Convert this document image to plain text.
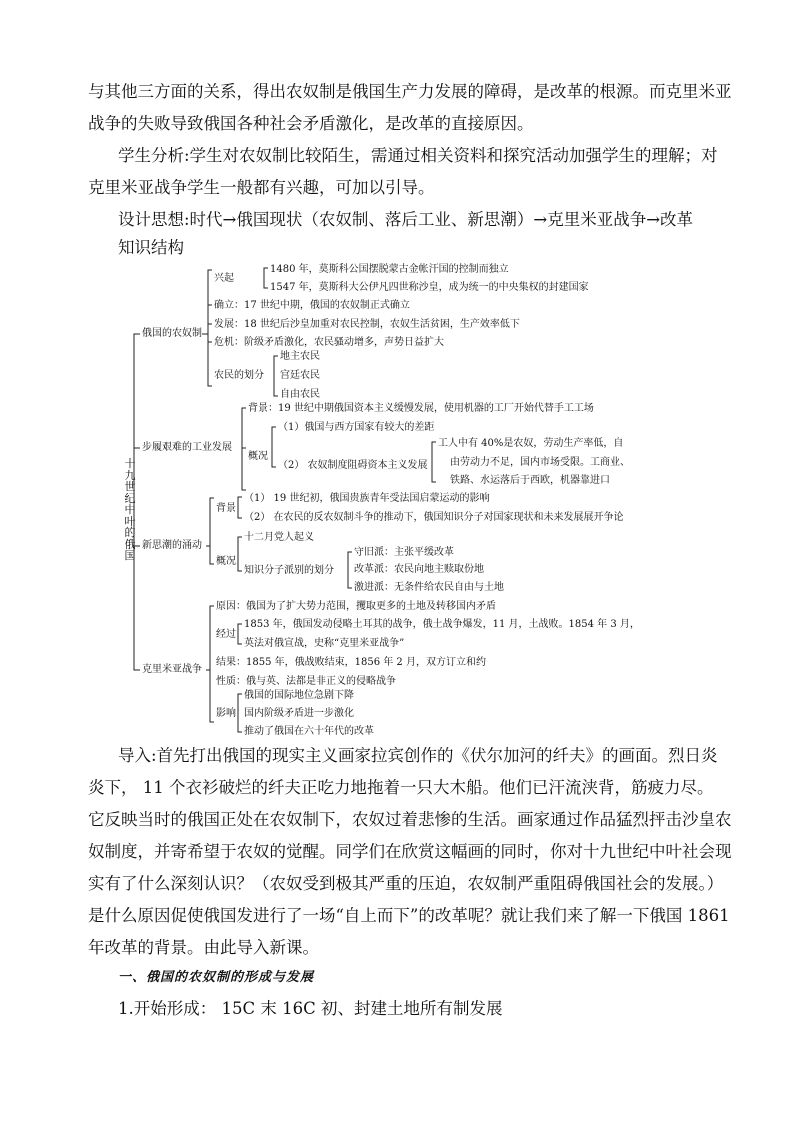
与其他三方面的关系，得出农奴制是俄国生产力发展的障碍，是改革的根源。而克里米亚
战争的失败导致俄国各种社会矛盾激化，是改革的直接原因。
学生分析:学生对农奴制比较陌生，需通过相关资料和探究活动加强学生的理解；对
克里米亚战争学生一般都有兴趣，可加以引导。
设计思想:时代→俄国现状（农奴制、落后工业、新思潮）→克里米亚战争→改革
知识结构
十九世纪中叶的俄国
俄国的农奴制
兴起
1480 年，莫斯科公国摆脱蒙古金帐汗国的控制而独立
1547 年，莫斯科大公伊凡四世称沙皇，成为统一的中央集权的封建国家
确立：17 世纪中期，俄国的农奴制正式确立
发展：18 世纪后沙皇加重对农民控制，农奴生活贫困，生产效率低下
危机：阶级矛盾激化，农民骚动增多，声势日益扩大
农民的划分
地主农民
宫廷农民
自由农民
步履艰难的工业发展
背景：19 世纪中期俄国资本主义缓慢发展，使用机器的工厂开始代替手工工场
概况
（1）俄国与西方国家有较大的差距
（2） 农奴制度阻碍资本主义发展
工人中有 40%是农奴，劳动生产率低，自
由劳动力不足，国内市场受限。工商业、
铁路、水运落后于西欧，机器靠进口
新思潮的涌动
背景
（1） 19 世纪初，俄国贵族青年受法国启蒙运动的影响
（2） 在农民的反农奴制斗争的推动下，俄国知识分子对国家现状和未来发展展开争论
概况
十二月党人起义
知识分子派别的划分
守旧派：主张平缓改革
改革派：农民向地主赎取份地
激进派：无条件给农民自由与土地
克里米亚战争
原因：俄国为了扩大势力范围，攫取更多的土地及转移国内矛盾
经过
1853 年，俄国发动侵略土耳其的战争，俄土战争爆发，11 月，土战败。1854 年 3 月，
英法对俄宣战，史称“克里米亚战争”
结果：1855 年，俄战败结束，1856 年 2 月，双方订立和约
性质：俄与英、法都是非正义的侵略战争
影响
俄国的国际地位急剧下降
国内阶级矛盾进一步激化
推动了俄国在六十年代的改革
导入:首先打出俄国的现实主义画家拉宾创作的《伏尔加河的纤夫》的画面。烈日炎
炎下， 11 个衣衫破烂的纤夫正吃力地拖着一只大木船。他们已汗流浃背，筋疲力尽。
它反映当时的俄国正处在农奴制下，农奴过着悲惨的生活。画家通过作品猛烈抨击沙皇农
奴制度，并寄希望于农奴的觉醒。同学们在欣赏这幅画的同时，你对十九世纪中叶社会现
实有了什么深刻认识？（农奴受到极其严重的压迫，农奴制严重阻碍俄国社会的发展。）
是什么原因促使俄国发进行了一场“自上而下”的改革呢？就让我们来了解一下俄国 1861
年改革的背景。由此导入新课。
一、俄国的农奴制的形成与发展
1.开始形成： 15C 末 16C 初、封建土地所有制发展
